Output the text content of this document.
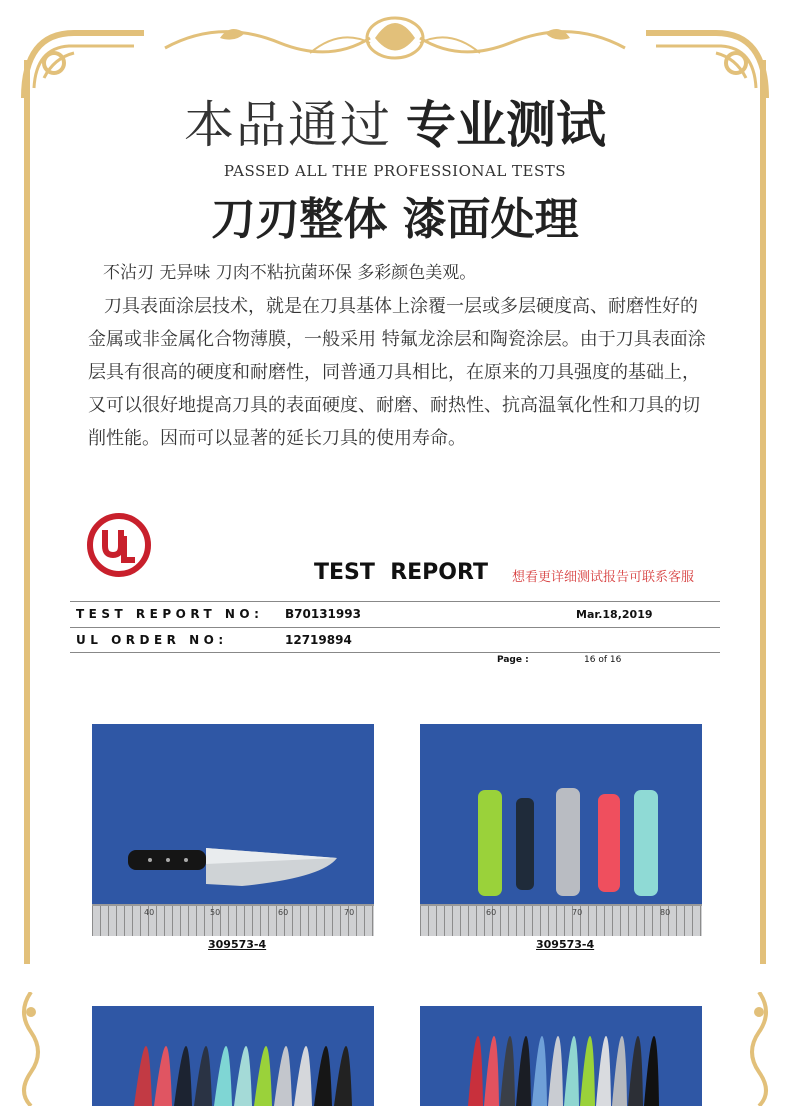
本品通过 专业测试
PASSED ALL THE PROFESSIONAL TESTS
刀刃整体 漆面处理
不沾刃 无异味 刀肉不粘抗菌环保 多彩颜色美观。
刀具表面涂层技术，就是在刀具基体上涂覆一层或多层硬度高、耐磨性好的金属或非金属化合物薄膜，一般采用 特氟龙涂层和陶瓷涂层。由于刀具表面涂层具有很高的硬度和耐磨性，同普通刀具相比，在原来的刀具强度的基础上，又可以很好地提高刀具的表面硬度、耐磨、耐热性、抗高温氧化性和刀具的切削性能。因而可以显著的延长刀具的使用寿命。
TEST  REPORT 想看更详细测试报告可联系客服
TEST REPORT NO: B70131993	Mar.18,2019
UL ORDER NO:	12719894
Page :	16 of 16
40	50	60	70
309573-4
60	70	80
309573-4
